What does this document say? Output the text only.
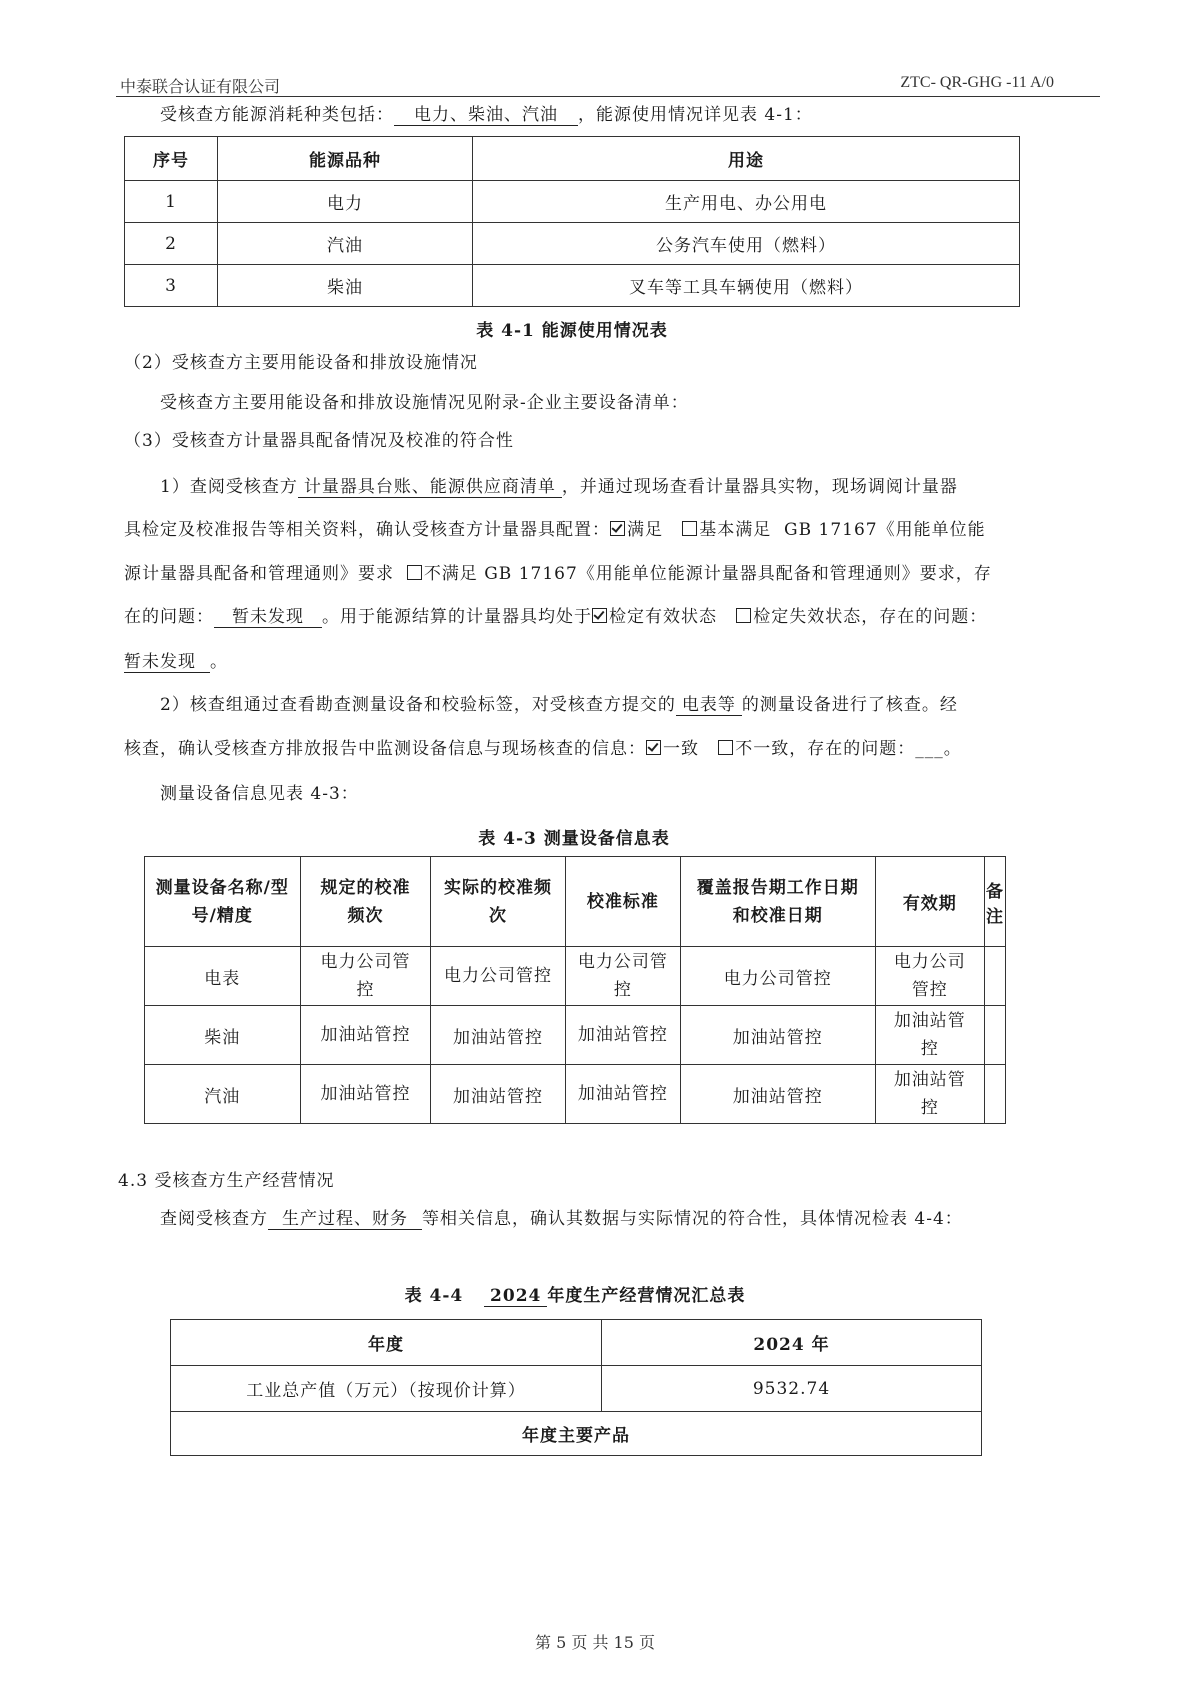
中泰联合认证有限公司	ZTC- QR-GHG -11 A/0
受核查方能源消耗种类包括： 电力、柴油、汽油 ，能源使用情况详见表 4-1：
序号	能源品种	用途
1	电力	生产用电、办公用电
2	汽油	公务汽车使用（燃料）
3	柴油	叉车等工具车辆使用（燃料）
表 4-1 能源使用情况表
（2）受核查方主要用能设备和排放设施情况
受核查方主要用能设备和排放设施情况见附录-企业主要设备清单：
（3）受核查方计量器具配备情况及校准的符合性
1）查阅受核查方 计量器具台账、能源供应商清单 ，并通过现场查看计量器具实物，现场调阅计量器
具检定及校准报告等相关资料，确认受核查方计量器具配置： 满足 基本满足 GB 17167《用能单位能
源计量器具配备和管理通则》要求 不满足 GB 17167《用能单位能源计量器具配备和管理通则》要求，存
在的问题： 暂未发现 。用于能源结算的计量器具均处于 检定有效状态 检定失效状态，存在的问题：
暂未发现 。
2）核查组通过查看勘查测量设备和校验标签，对受核查方提交的 电表等 的测量设备进行了核查。经
核查，确认受核查方排放报告中监测设备信息与现场核查的信息： 一致 不一致，存在的问题：___。
测量设备信息见表 4-3：
表 4-3 测量设备信息表
测量设备名称/型号/精度	规定的校准频次	实际的校准频次	校准标准	覆盖报告期工作日期和校准日期	有效期	备注
电表	电力公司管控	电力公司管控	电力公司管控	电力公司管控	电力公司管控	
柴油	加油站管控	加油站管控	加油站管控	加油站管控	加油站管控	
汽油	加油站管控	加油站管控	加油站管控	加油站管控	加油站管控	
4.3 受核查方生产经营情况
查阅受核查方 生产过程、财务 等相关信息，确认其数据与实际情况的符合性，具体情况检表 4-4：
表 4-4 2024 年度生产经营情况汇总表
年度	2024 年
工业总产值（万元）（按现价计算）	9532.74
年度主要产品	
第 5 页 共 15 页
